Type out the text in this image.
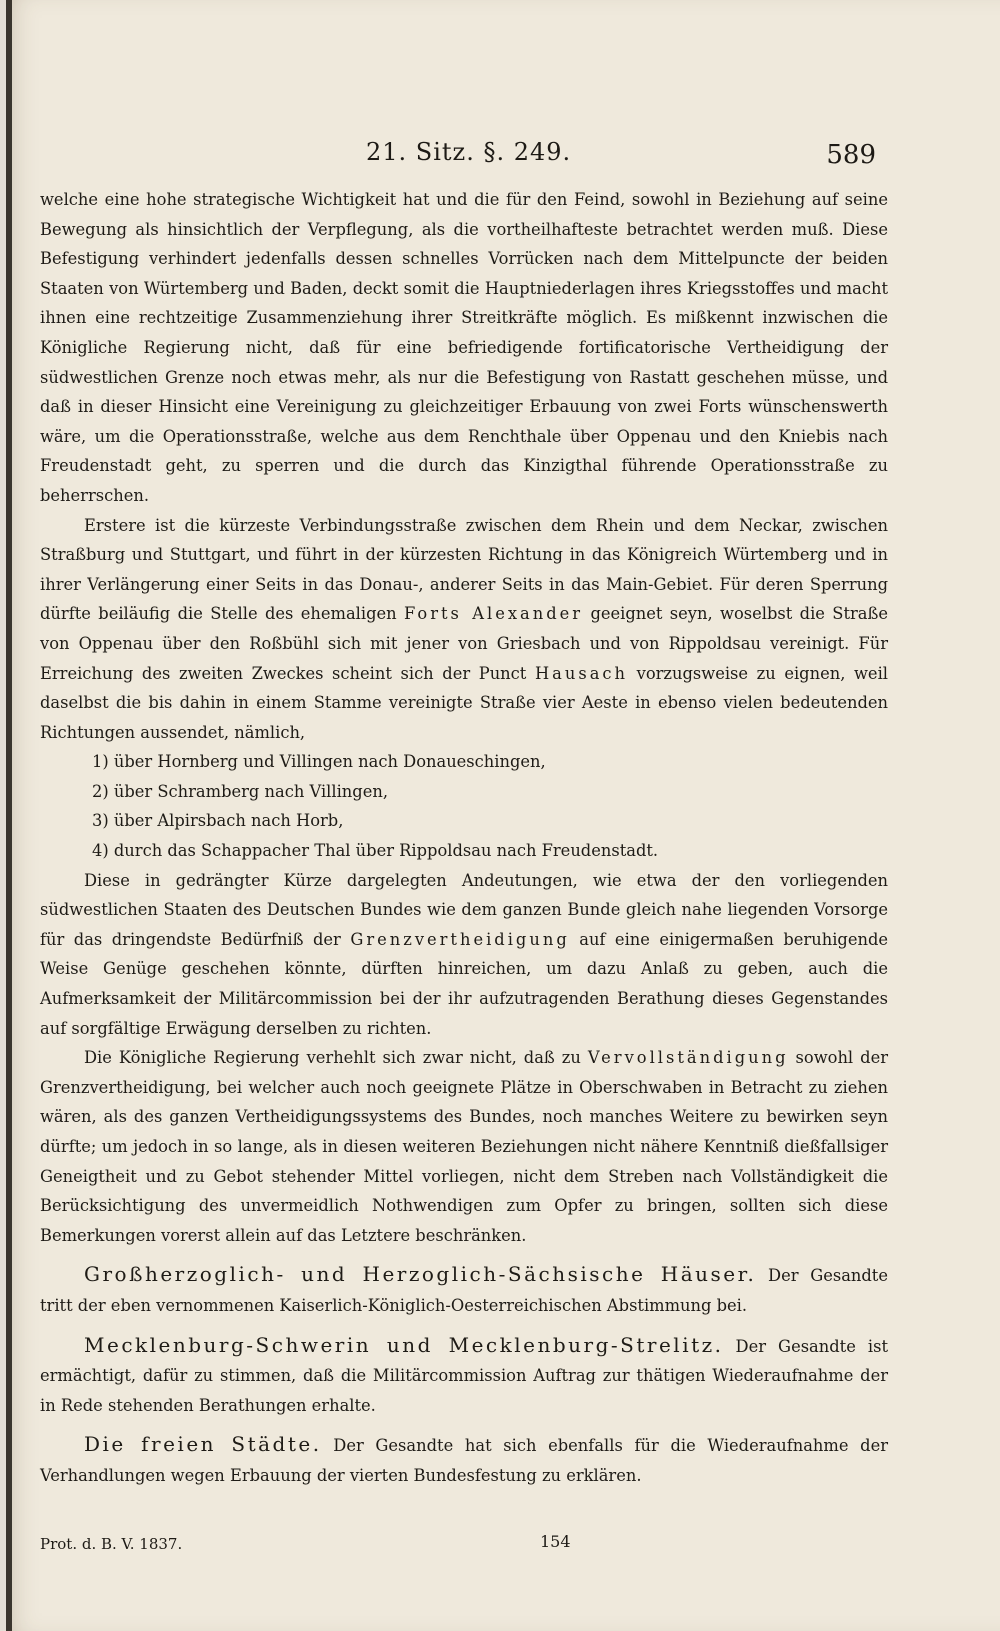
21. Sitz. §. 249.	589

welche eine hohe strategische Wichtigkeit hat und die für den Feind, sowohl in Beziehung auf seine Bewegung als hinsichtlich der Verpflegung, als die vortheilhafteste betrachtet werden muß. Diese Befestigung verhindert jedenfalls dessen schnelles Vorrücken nach dem Mittelpuncte der beiden Staaten von Würtemberg und Baden, deckt somit die Hauptniederlagen ihres Kriegsstoffes und macht ihnen eine rechtzeitige Zusammenziehung ihrer Streitkräfte möglich. Es mißkennt inzwischen die Königliche Regierung nicht, daß für eine befriedigende fortificatorische Vertheidigung der südwestlichen Grenze noch etwas mehr, als nur die Befestigung von Rastatt geschehen müsse, und daß in dieser Hinsicht eine Vereinigung zu gleichzeitiger Erbauung von zwei Forts wünschenswerth wäre, um die Operationsstraße, welche aus dem Renchthale über Oppenau und den Kniebis nach Freudenstadt geht, zu sperren und die durch das Kinzigthal führende Operationsstraße zu beherrschen.

Erstere ist die kürzeste Verbindungsstraße zwischen dem Rhein und dem Neckar, zwischen Straßburg und Stuttgart, und führt in der kürzesten Richtung in das Königreich Würtemberg und in ihrer Verlängerung einer Seits in das Donau-, anderer Seits in das Main-Gebiet. Für deren Sperrung dürfte beiläufig die Stelle des ehemaligen Forts Alexander geeignet seyn, woselbst die Straße von Oppenau über den Roßbühl sich mit jener von Griesbach und von Rippoldsau vereinigt. Für Erreichung des zweiten Zweckes scheint sich der Punct Hausach vorzugsweise zu eignen, weil daselbst die bis dahin in einem Stamme vereinigte Straße vier Aeste in ebenso vielen bedeutenden Richtungen aussendet, nämlich,

1) über Hornberg und Villingen nach Donaueschingen,

2) über Schramberg nach Villingen,

3) über Alpirsbach nach Horb,

4) durch das Schappacher Thal über Rippoldsau nach Freudenstadt.

Diese in gedrängter Kürze dargelegten Andeutungen, wie etwa der den vorliegenden südwestlichen Staaten des Deutschen Bundes wie dem ganzen Bunde gleich nahe liegenden Vorsorge für das dringendste Bedürfniß der Grenzvertheidigung auf eine einigermaßen beruhigende Weise Genüge geschehen könnte, dürften hinreichen, um dazu Anlaß zu geben, auch die Aufmerksamkeit der Militärcommission bei der ihr aufzutragenden Berathung dieses Gegenstandes auf sorgfältige Erwägung derselben zu richten.

Die Königliche Regierung verhehlt sich zwar nicht, daß zu Vervollständigung sowohl der Grenzvertheidigung, bei welcher auch noch geeignete Plätze in Oberschwaben in Betracht zu ziehen wären, als des ganzen Vertheidigungssystems des Bundes, noch manches Weitere zu bewirken seyn dürfte; um jedoch in so lange, als in diesen weiteren Beziehungen nicht nähere Kenntniß dießfallsiger Geneigtheit und zu Gebot stehender Mittel vorliegen, nicht dem Streben nach Vollständigkeit die Berücksichtigung des unvermeidlich Nothwendigen zum Opfer zu bringen, sollten sich diese Bemerkungen vorerst allein auf das Letztere beschränken.

Großherzoglich- und Herzoglich-Sächsische Häuser. Der Gesandte tritt der eben vernommenen Kaiserlich-Königlich-Oesterreichischen Abstimmung bei.

Mecklenburg-Schwerin und Mecklenburg-Strelitz. Der Gesandte ist ermächtigt, dafür zu stimmen, daß die Militärcommission Auftrag zur thätigen Wiederaufnahme der in Rede stehenden Berathungen erhalte.

Die freien Städte. Der Gesandte hat sich ebenfalls für die Wiederaufnahme der Verhandlungen wegen Erbauung der vierten Bundesfestung zu erklären.

Prot. d. B. V. 1837.	154
